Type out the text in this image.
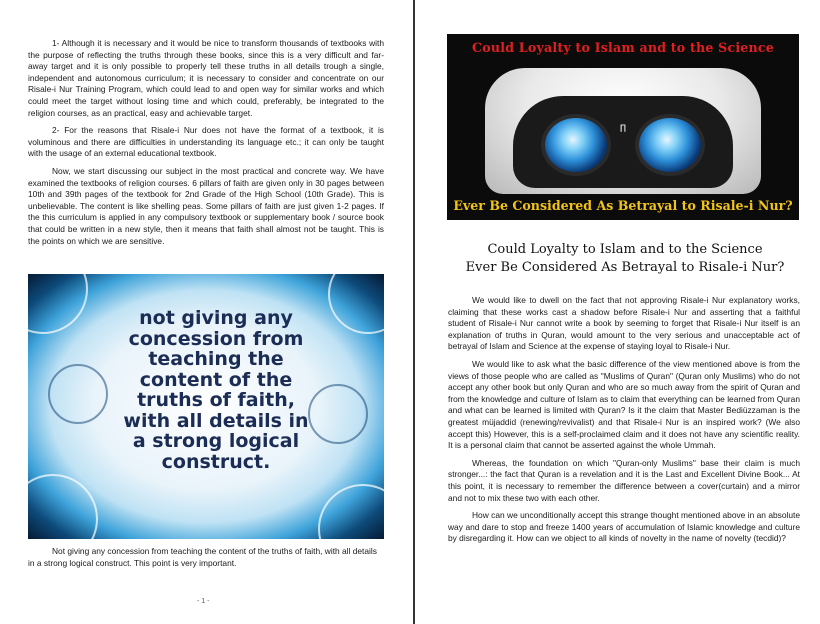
1- Although it is necessary and it would be nice to transform thousands of textbooks with the purpose of reflecting the truths through these books, since this is a very difficult and far-away target and it is only possible to properly tell these truths in all details trough a single, independent and autonomous curriculum; it is necessary to consider and concentrate on our Risale-i Nur Training Program, which could lead to and open way for similar works and which could meet the target without losing time and which could, preferably, be integrated to the religion courses, as an practical, easy and achievable target.

2- For the reasons that Risale-i Nur does not have the format of a textbook, it is voluminous and there are difficulties in understanding its language etc.; it can only be taught with the usage of an external educational textbook.

Now, we start discussing our subject in the most practical and concrete way. We have examined the textbooks of religion courses. 6 pillars of faith are given only in 30 pages between 10th and 39th pages of the textbook for 2nd Grade of the High School (10th Grade). This is unbelievable. The content is like shelling peas. Some pillars of faith are just given 1-2 pages. If the this curriculum is applied in any compulsory textbook or supplementary book / source book that could be written in a new style, then it means that faith shall almost not be taught. This is the points on which we are sensitive.

not giving any concession from teaching the content of the truths of faith, with all details in a strong logical construct.
Not giving any concession from teaching the content of the truths of faith, with all details in a strong logical construct. This point is very important.
- 1 -
Could Loyalty to Islam and to the Science
∏
Ever Be Considered As Betrayal to Risale-i Nur?
Could Loyalty to Islam and to the Science
Ever Be Considered As Betrayal to Risale-i Nur?

We would like to dwell on the fact that not approving Risale-i Nur explanatory works, claiming that these works cast a shadow before Risale-i Nur and asserting that a faithful student of Risale-i Nur cannot write a book by seeming to forget that Risale-i Nur itself is an explanation of truths in Quran, would amount to the very serious and unacceptable act of betrayal of Islam and Science at the expense of staying loyal to Risale-i Nur.

We would like to ask what the basic difference of the view mentioned above is from the views of those people who are called as "Muslims of Quran" (Quran only Muslims) who do not accept any other book but only Quran and who are so much away from the spirit of Quran and from the knowledge and culture of Islam as to claim that everything can be learned from Quran and what can be learned is limited with Quran? Is it the claim that Master Bediüzzaman is the greatest müjaddid (renewing/revivalist) and that Risale-i Nur is an inspired work? (We also accept this) However, this is a self-proclaimed claim and it does not have any scientific reality. It is a personal claim that cannot be asserted against the whole Ummah.

Whereas, the foundation on which "Quran-only Muslims" base their claim is much stronger...: the fact that Quran is a revelation and it is the Last and Excellent Divine Book... At this point, it is necessary to remember the difference between a cover(curtain) and a mirror and not to mix these two with each other.

How can we unconditionally accept this strange thought mentioned above in an absolute way and dare to stop and freeze 1400 years of accumulation of Islamic knowledge and culture by disregarding it. How can we object to all kinds of novelty in the name of novelty (tecdid)?
